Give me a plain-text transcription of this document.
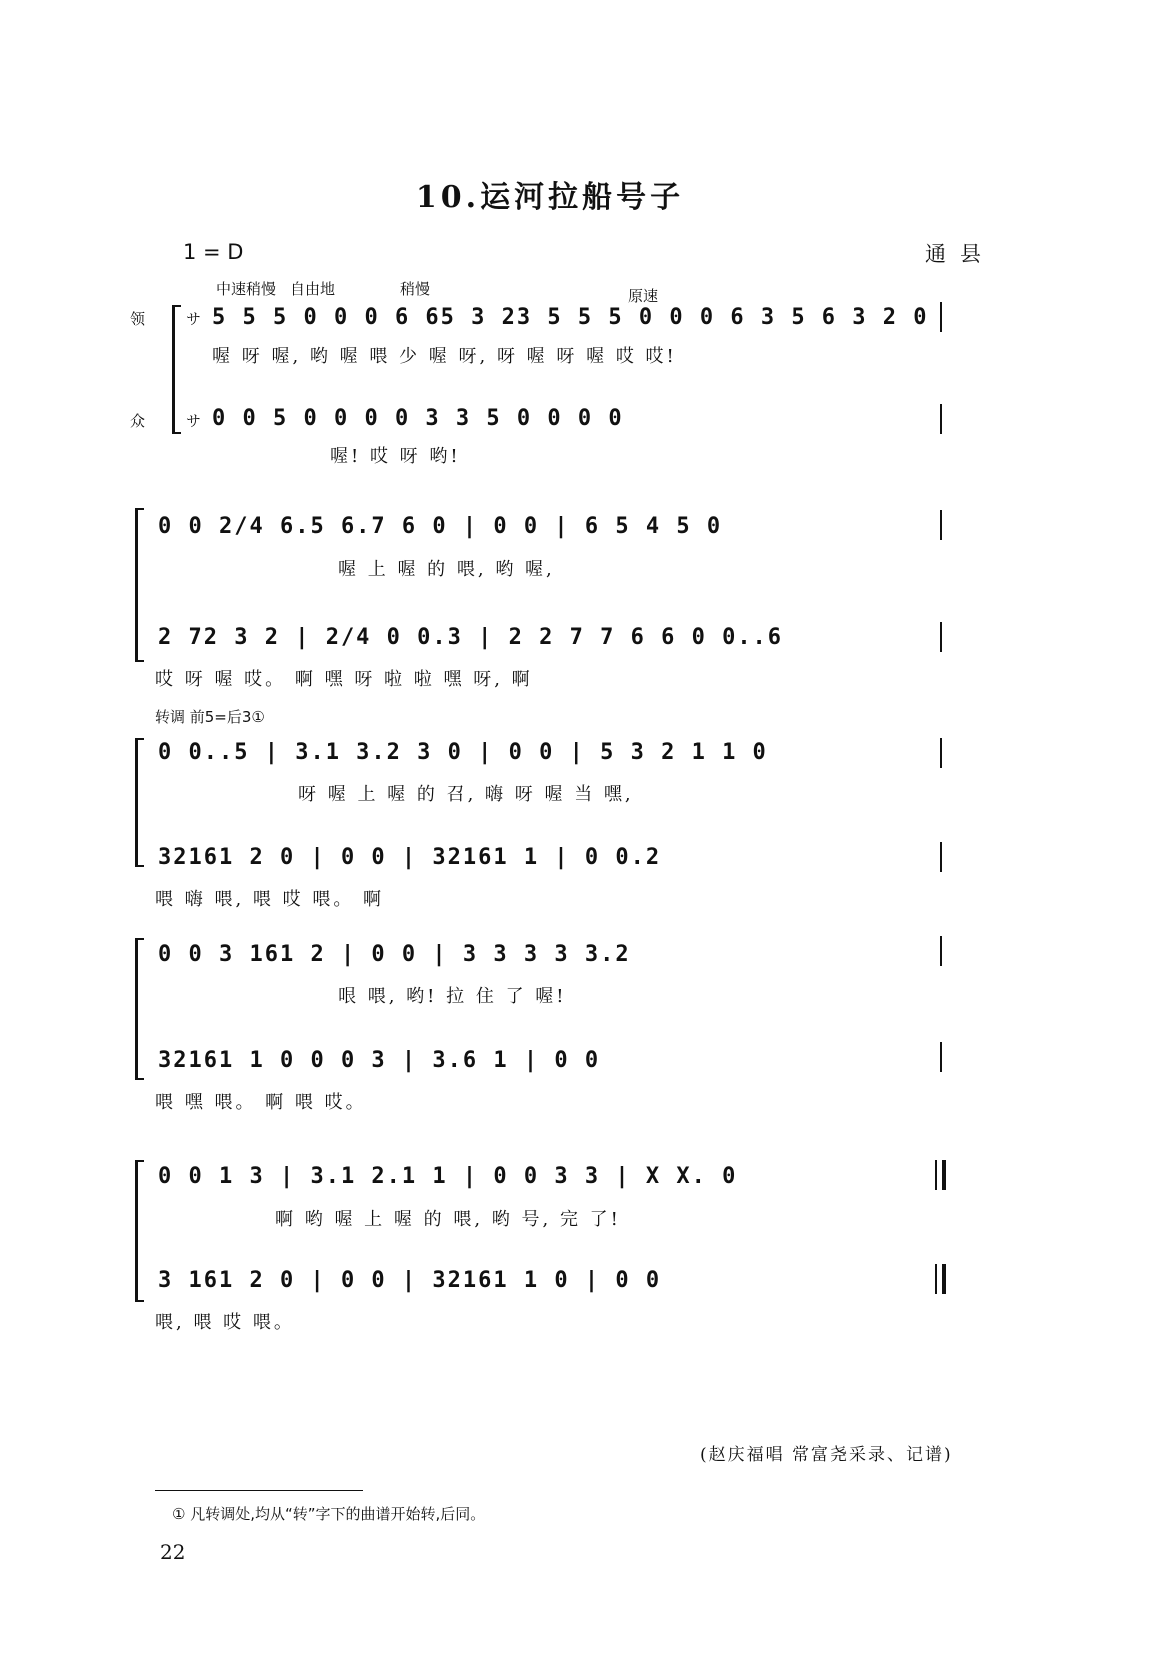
10.运河拉船号子
1 = D	通县
中速稍慢 自由地	稍慢	原速
领
众
サ
サ
5 5 5 0 0 0 6 65 3 23 5 5 5 0 0 0 6 3 5 6 3 2 0
喔 呀 喔, 哟 喔 喂 少 喔 呀, 呀 喔 呀 喔 哎 哎!
0 0 5 0 0 0 0 3 3 5 0 0 0 0
喔! 哎 呀 哟!
0 0 2/4 6.5 6.7 6 0 | 0 0 | 6 5 4 5 0
喔 上 喔 的 喂, 哟 喔,
2 72 3 2 | 2/4 0 0.3 | 2 2 7 7 6 6 0 0..6
哎 呀 喔 哎。 啊 嘿 呀 啦 啦 嘿 呀, 啊
转调 前5=后3①
0 0..5 | 3.1 3.2 3 0 | 0 0 | 5 3 2 1 1 0
呀 喔 上 喔 的 召, 嗨 呀 喔 ‍当 嘿,
32161 2 0 | 0 0 | 32161 1 | 0 0.2
喂 嗨 喂, 喂 哎 喂。 啊
0 0 3 161 2 | 0 0 | 3 3 3 3 3.2
哏 喂, 哟! 拉 住 了 喔!
32161 1 0 0 0 3 | 3.6 1 | 0 0
喂 嘿 喂。 啊 喂 哎。
0 0 1 3 | 3.1 2.1 1 | 0 0 3 3 | X X. 0
啊 哟 喔 上 喔 的 喂, 哟 号, 完 了!
3 161 2 0 | 0 0 | 32161 1 0 | 0 0
喂, 喂 哎 喂。
(赵庆福唱 常富尧采录、记谱)
① 凡转调处,均从“转”字下的曲谱开始转,后同。
22
